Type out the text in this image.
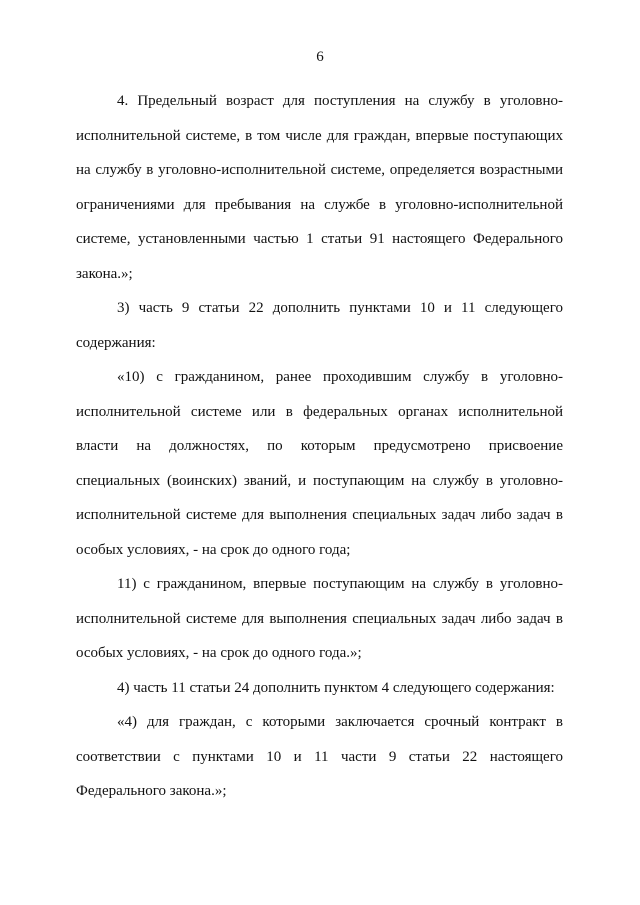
6

4. Предельный возраст для поступления на службу в уголовно-исполнительной системе, в том числе для граждан, впервые поступающих на службу в уголовно-исполнительной системе, определяется возрастными ограничениями для пребывания на службе в уголовно-исполнительной системе, установленными частью 1 статьи 91 настоящего Федерального закона.»;

3) часть 9 статьи 22 дополнить пунктами 10 и 11 следующего содержания:

«10) с гражданином, ранее проходившим службу в уголовно-исполнительной системе или в федеральных органах исполнительной власти на должностях, по которым предусмотрено присвоение специальных (воинских) званий, и поступающим на службу в уголовно-исполнительной системе для выполнения специальных задач либо задач в особых условиях, - на срок до одного года;

11) с гражданином, впервые поступающим на службу в уголовно-исполнительной системе для выполнения специальных задач либо задач в особых условиях, - на срок до одного года.»;

4) часть 11 статьи 24 дополнить пунктом 4 следующего содержания:

«4) для граждан, с которыми заключается срочный контракт в соответствии с пунктами 10 и 11 части 9 статьи 22 настоящего Федерального закона.»;
